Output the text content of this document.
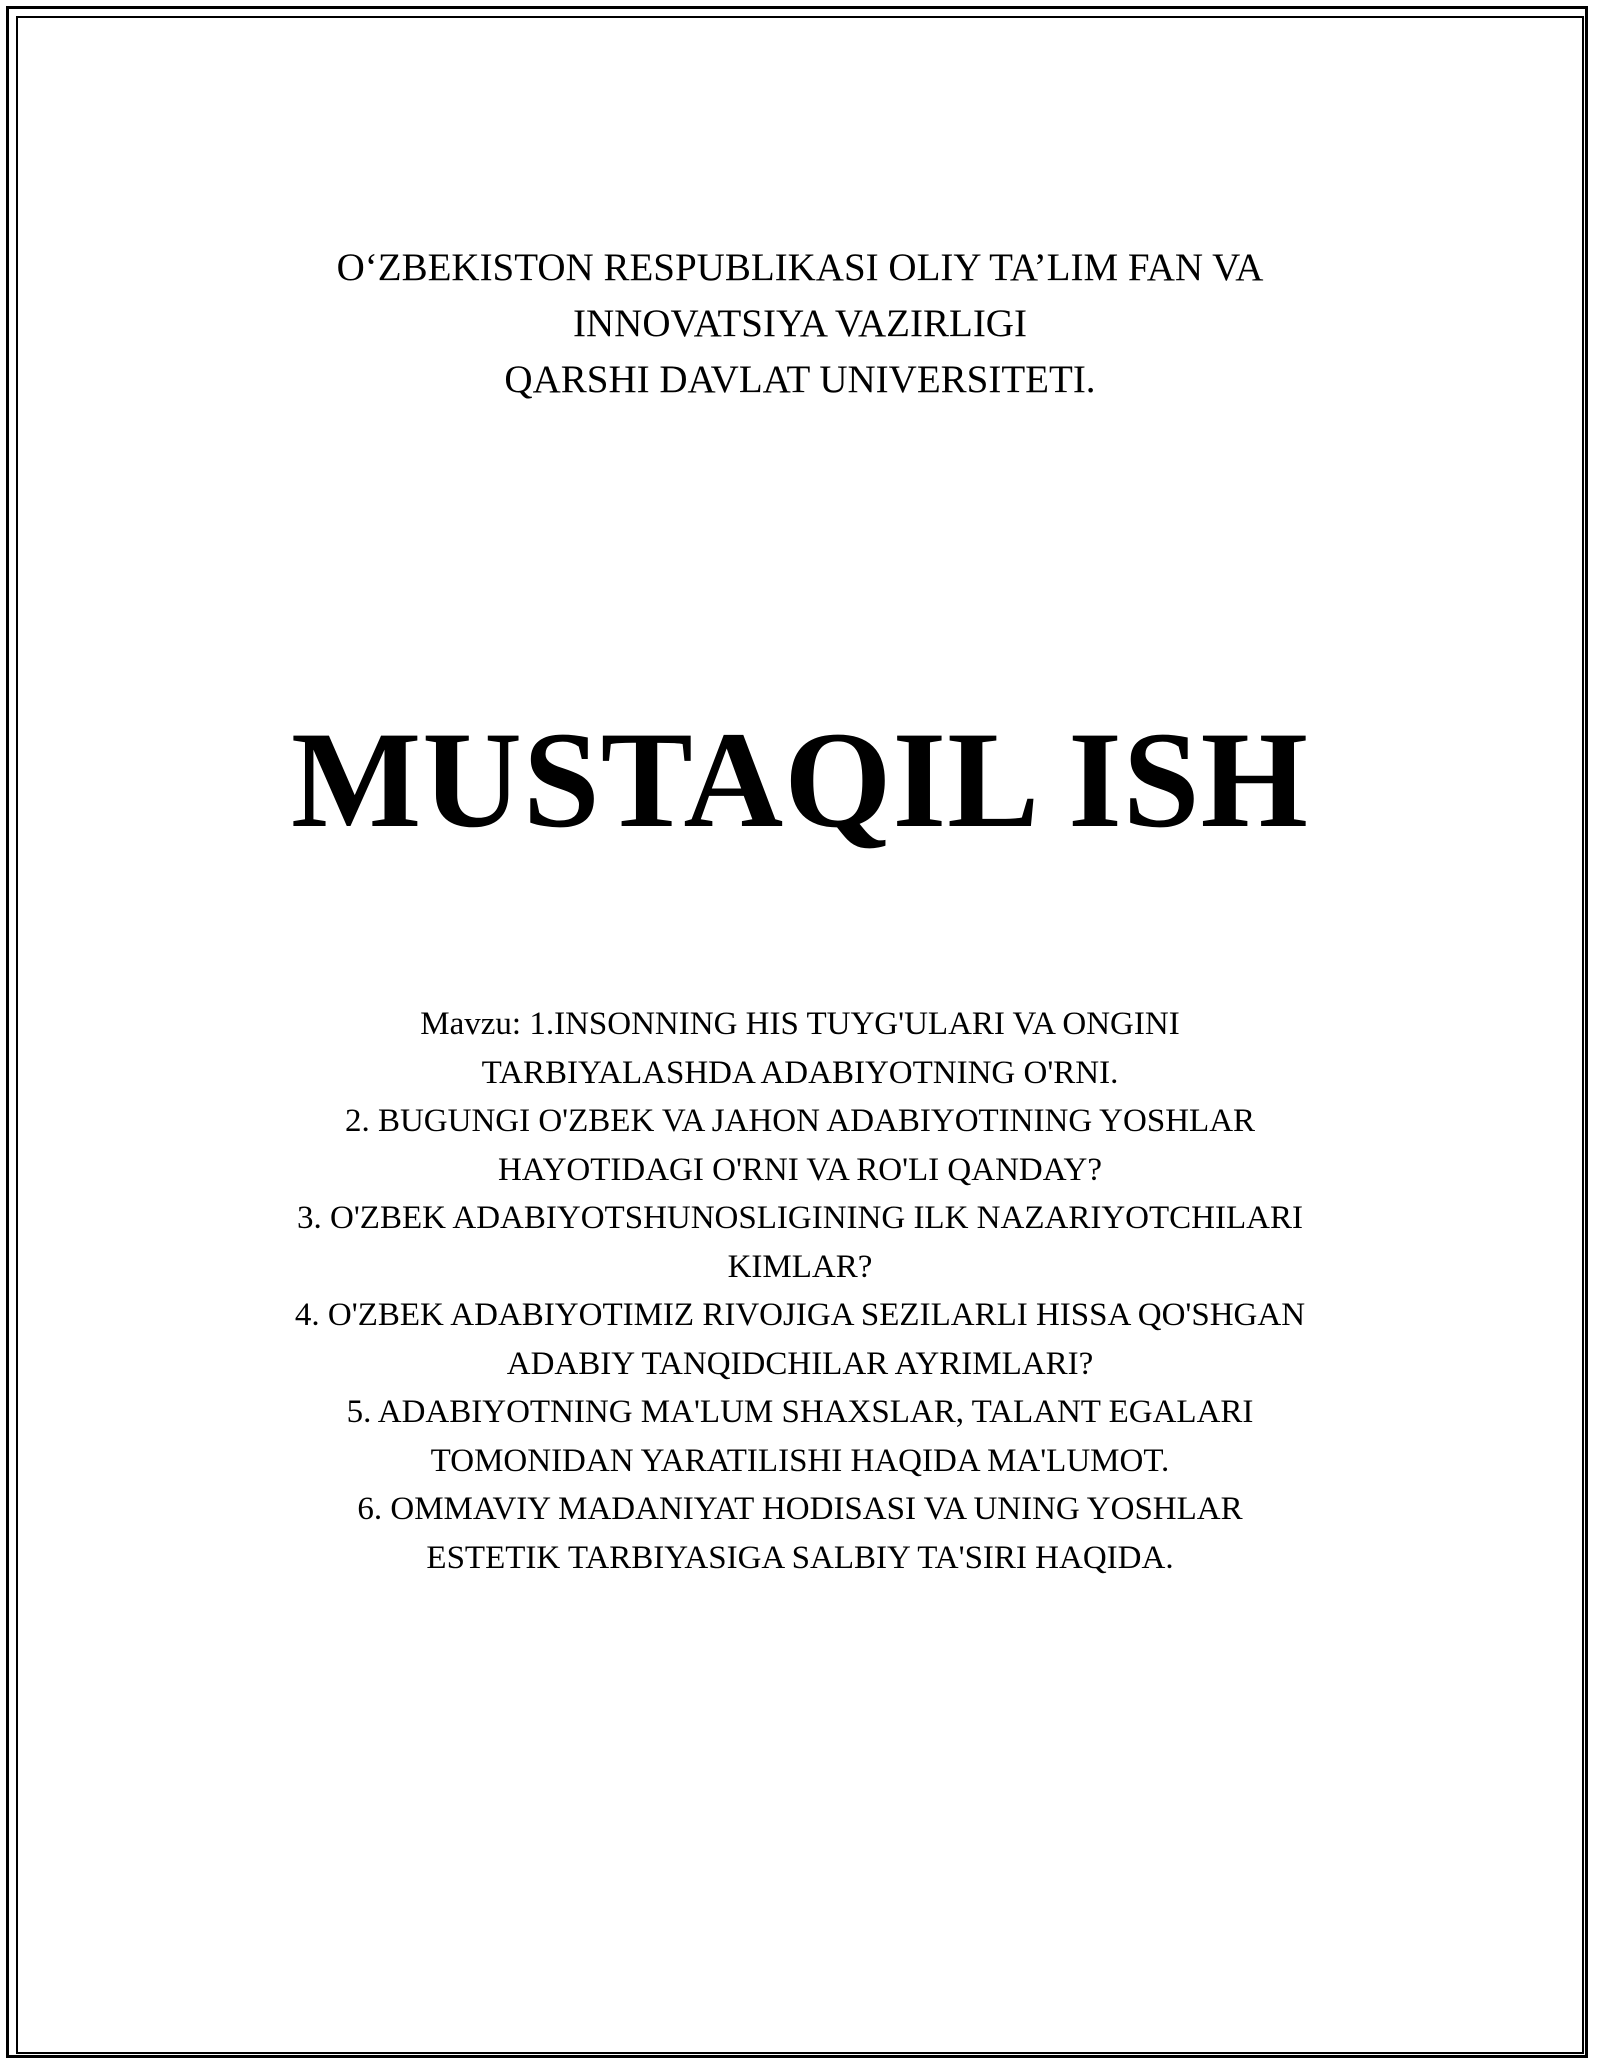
O‘ZBEKISTON RESPUBLIKASI OLIY TA’LIM FAN VA
INNOVATSIYA VAZIRLIGI
QARSHI DAVLAT UNIVERSITETI.
MUSTAQIL ISH
Mavzu: 1.INSONNING HIS TUYG'ULARI VA ONGINI
TARBIYALASHDA ADABIYOTNING O'RNI.
2. BUGUNGI O'ZBEK VA JAHON ADABIYOTINING YOSHLAR
HAYOTIDAGI O'RNI VA RO'LI QANDAY?
3. O'ZBEK ADABIYOTSHUNOSLIGINING ILK NAZARIYOTCHILARI
KIMLAR?
4. O'ZBEK ADABIYOTIMIZ RIVOJIGA SEZILARLI HISSA QO'SHGAN
ADABIY TANQIDCHILAR AYRIMLARI?
5. ADABIYOTNING MA'LUM SHAXSLAR, TALANT EGALARI
TOMONIDAN YARATILISHI HAQIDA MA'LUMOT.
6. OMMAVIY MADANIYAT HODISASI VA UNING YOSHLAR
ESTETIK TARBIYASIGA SALBIY TA'SIRI HAQIDA.
